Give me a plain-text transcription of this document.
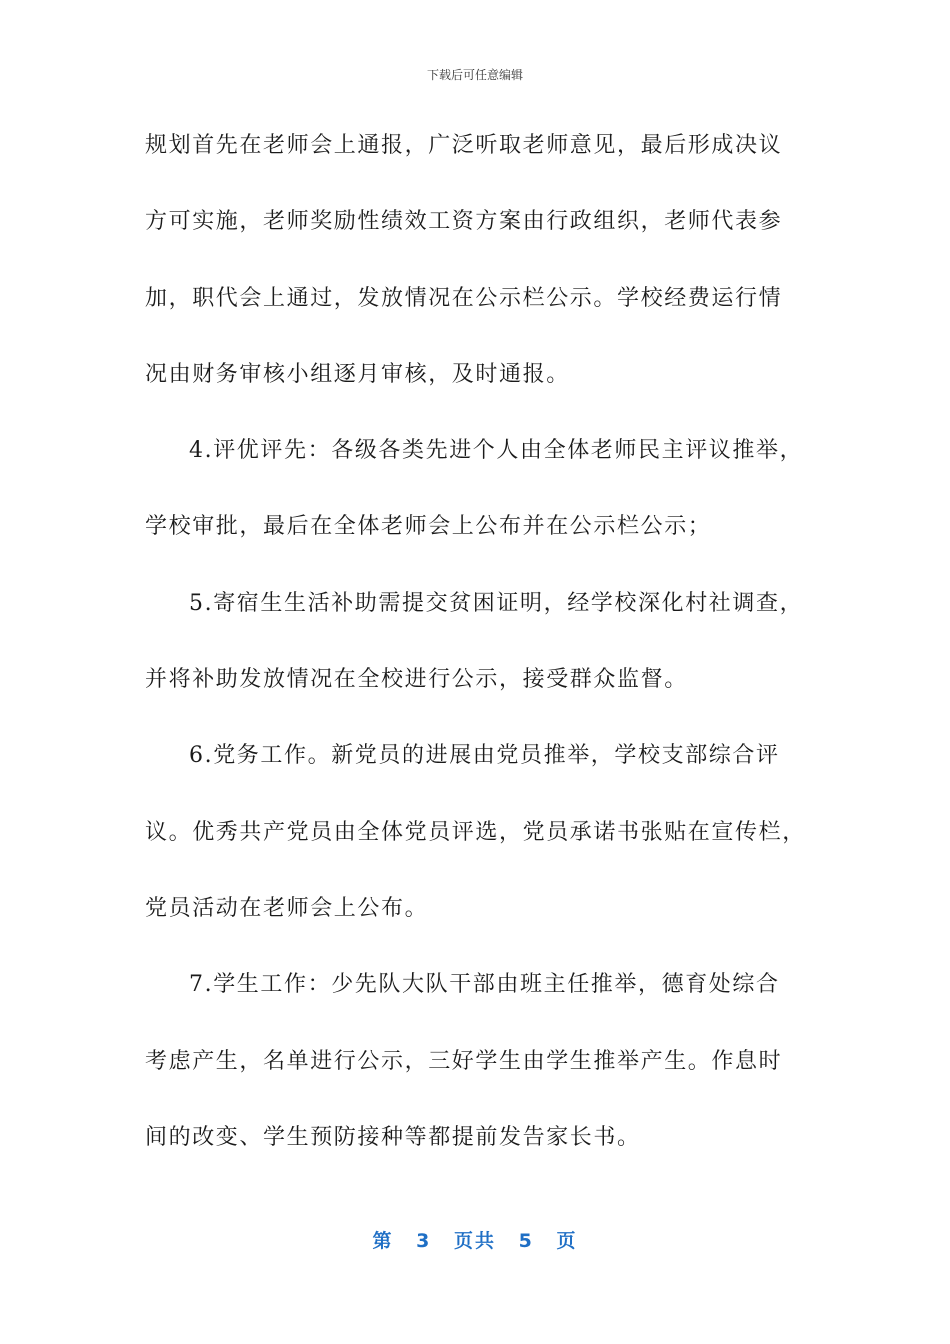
下载后可任意编辑
规划首先在老师会上通报，广泛听取老师意见，最后形成决议
方可实施，老师奖励性绩效工资方案由行政组织，老师代表参
加，职代会上通过，发放情况在公示栏公示。学校经费运行情
况由财务审核小组逐月审核，及时通报。
4.评优评先：各级各类先进个人由全体老师民主评议推举，
学校审批，最后在全体老师会上公布并在公示栏公示；
5.寄宿生生活补助需提交贫困证明，经学校深化村社调查，
并将补助发放情况在全校进行公示，接受群众监督。
6.党务工作。新党员的进展由党员推举，学校支部综合评
议。优秀共产党员由全体党员评选，党员承诺书张贴在宣传栏，
党员活动在老师会上公布。
7.学生工作：少先队大队干部由班主任推举，德育处综合
考虑产生，名单进行公示，三好学生由学生推举产生。作息时
间的改变、学生预防接种等都提前发告家长书。
第 3 页共 5 页
